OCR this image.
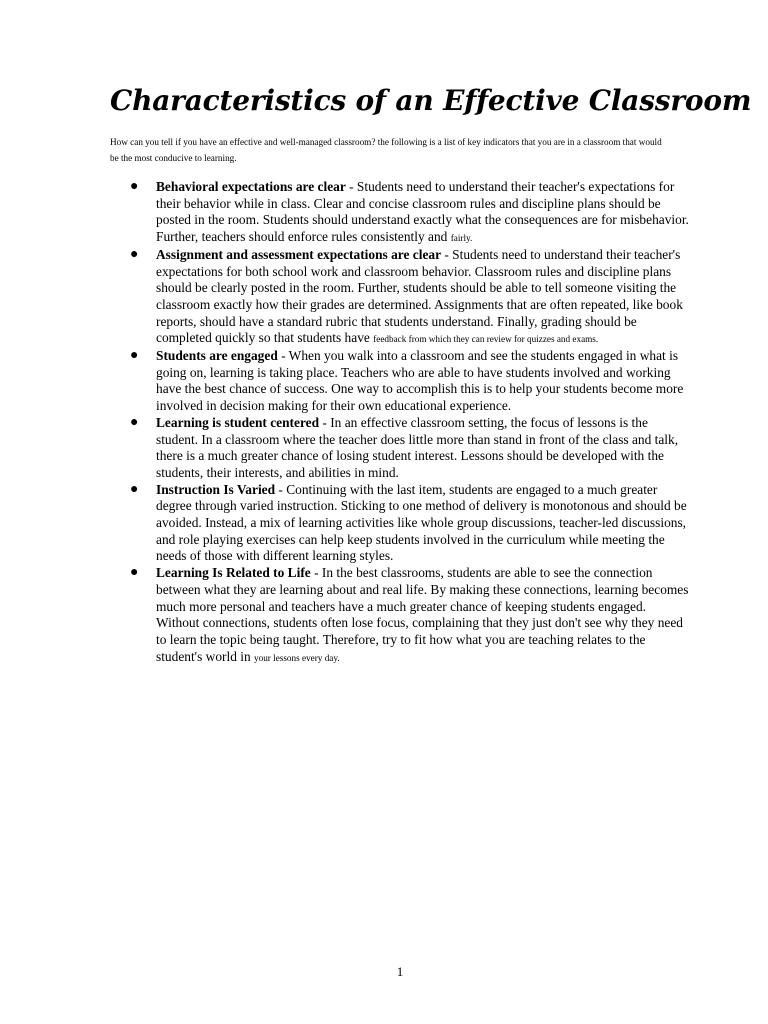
Characteristics of an Effective Classroom

How can you tell if you have an effective and well-managed classroom? the following is a list of key indicators that you are in a classroom that would be the most conducive to learning.

● Behavioral expectations are clear - Students need to understand their teacher's expectations for their behavior while in class. Clear and concise classroom rules and discipline plans should be posted in the room. Students should understand exactly what the consequences are for misbehavior. Further, teachers should enforce rules consistently and fairly.
● Assignment and assessment expectations are clear - Students need to understand their teacher's expectations for both school work and classroom behavior. Classroom rules and discipline plans should be clearly posted in the room. Further, students should be able to tell someone visiting the classroom exactly how their grades are determined. Assignments that are often repeated, like book reports, should have a standard rubric that students understand. Finally, grading should be completed quickly so that students have feedback from which they can review for quizzes and exams.
● Students are engaged - When you walk into a classroom and see the students engaged in what is going on, learning is taking place. Teachers who are able to have students involved and working have the best chance of success. One way to accomplish this is to help your students become more involved in decision making for their own educational experience.
● Learning is student centered - In an effective classroom setting, the focus of lessons is the student. In a classroom where the teacher does little more than stand in front of the class and talk, there is a much greater chance of losing student interest. Lessons should be developed with the students, their interests, and abilities in mind.
● Instruction Is Varied - Continuing with the last item, students are engaged to a much greater degree through varied instruction. Sticking to one method of delivery is monotonous and should be avoided. Instead, a mix of learning activities like whole group discussions, teacher-led discussions, and role playing exercises can help keep students involved in the curriculum while meeting the needs of those with different learning styles.
● Learning Is Related to Life - In the best classrooms, students are able to see the connection between what they are learning about and real life. By making these connections, learning becomes much more personal and teachers have a much greater chance of keeping students engaged. Without connections, students often lose focus, complaining that they just don't see why they need to learn the topic being taught. Therefore, try to fit how what you are teaching relates to the student's world in your lessons every day.
1
